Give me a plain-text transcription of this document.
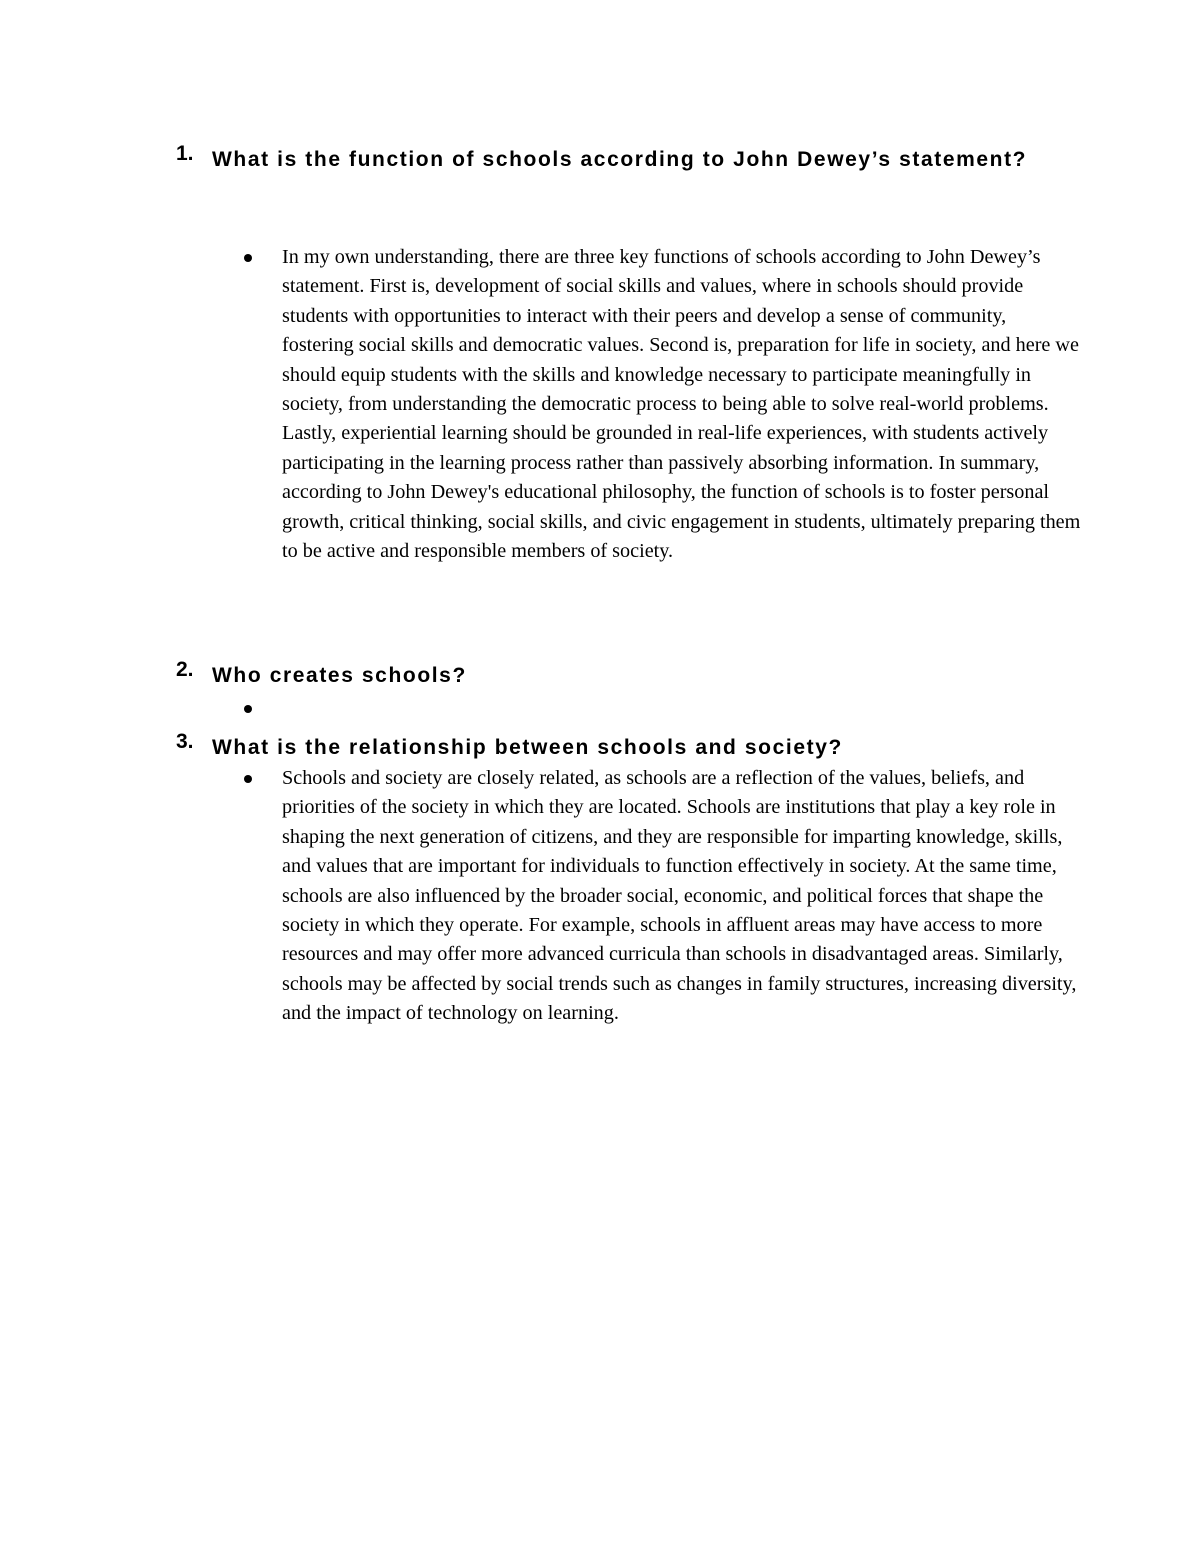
1. What is the function of schools according to John Dewey’s statement?
In my own understanding, there are three key functions of schools according to John Dewey’s statement. First is, development of social skills and values, where in schools should provide students with opportunities to interact with their peers and develop a sense of community, fostering social skills and democratic values. Second is, preparation for life in society, and here we should equip students with the skills and knowledge necessary to participate meaningfully in society, from understanding the democratic process to being able to solve real-world problems. Lastly, experiential learning should be grounded in real-life experiences, with students actively participating in the learning process rather than passively absorbing information. In summary, according to John Dewey's educational philosophy, the function of schools is to foster personal growth, critical thinking, social skills, and civic engagement in students, ultimately preparing them to be active and responsible members of society.
2. Who creates schools?
3. What is the relationship between schools and society?
Schools and society are closely related, as schools are a reflection of the values, beliefs, and priorities of the society in which they are located. Schools are institutions that play a key role in shaping the next generation of citizens, and they are responsible for imparting knowledge, skills, and values that are important for individuals to function effectively in society. At the same time, schools are also influenced by the broader social, economic, and political forces that shape the society in which they operate. For example, schools in affluent areas may have access to more resources and may offer more advanced curricula than schools in disadvantaged areas. Similarly, schools may be affected by social trends such as changes in family structures, increasing diversity, and the impact of technology on learning.
